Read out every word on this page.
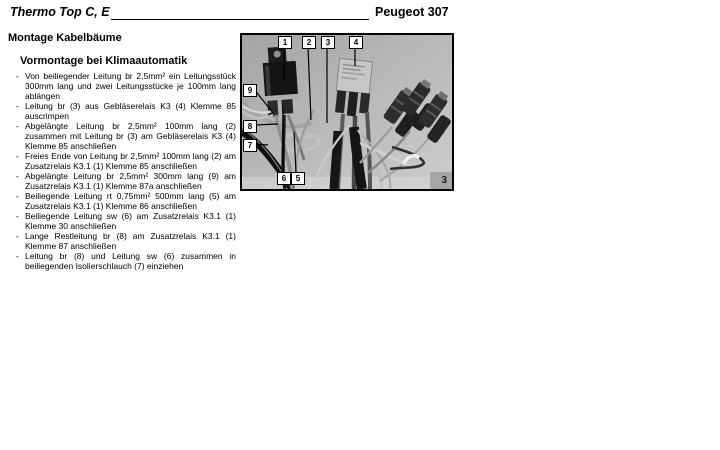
Thermo Top C, E	Peugeot 307
Montage Kabelbäume
Vormontage bei Klimaautomatik
- Von beiliegender Leitung br 2,5mm² ein Leitungsstück 300mm lang und zwei Leitungsstücke je 100mm lang ablängen
- Leitung br (3) aus Gebläserelais K3 (4) Klemme 85 auscrimpen
- Abgelängte Leitung br 2,5mm² 100mm lang (2) zusammen mit Leitung br (3) am Gebläserelais K3 (4) Klemme 85 anschließen
- Freies Ende von Leitung br 2,5mm² 100mm lang (2) am Zusatzrelais K3.1 (1) Klemme 85 anschließen
- Abgelängte Leitung br 2,5mm² 300mm lang (9) am Zusatzrelais K3.1 (1) Klemme 87a anschließen
- Beiliegende Leitung rt 0,75mm² 500mm lang (5) am Zusatzrelais K3.1 (1) Klemme 86 anschließen
- Beiliegende Leitung sw (6) am Zusatzrelais K3.1 (1) Klemme 30 anschließen
- Lange Restleitung br (8) am Zusatzrelais K3.1 (1) Klemme 87 anschließen
- Leitung br (8) und Leitung sw (6) zusammen in beiliegenden Isolierschlauch (7) einziehen
1	2	3	4
9
8
7
6	5	3
